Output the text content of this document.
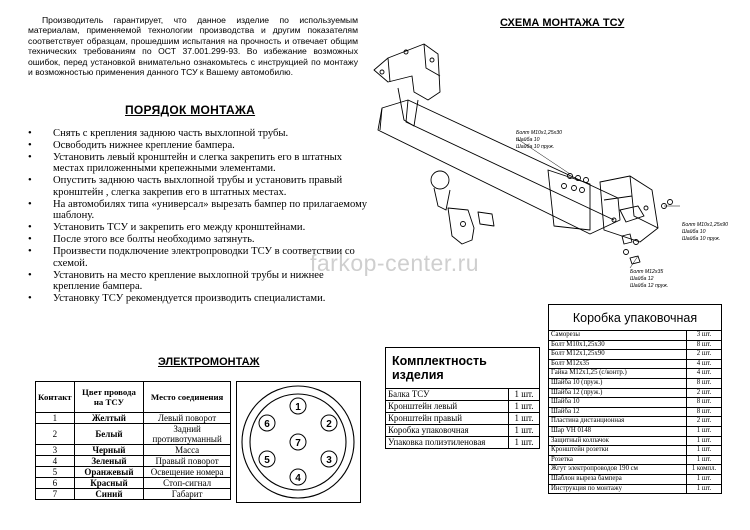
Производитель гарантирует, что данное изделие по используемым материалам, применяемой технологии производства и другим показателям соответствует образцам, прошедшим испытания на прочность и отвечает общим технических требованиям по ОСТ 37.001.299-93. Во избежание возможных ошибок, перед установкой внимательно ознакомьтесь с инструкцией по монтажу и возможностью применения данного ТСУ к Вашему автомобилю.
ПОРЯДОК МОНТАЖА
• Снять с крепления заднюю часть выхлопной трубы.
• Освободить нижнее крепление бампера.
• Установить левый кронштейн и слегка закрепить его в штатных местах приложенными крепежными элементами.
• Опустить заднюю часть выхлопной трубы и установить правый кронштейн , слегка закрепив его в штатных местах.
• На автомобилях типа «универсал» вырезать бампер по прилагаемому шаблону.
• Установить ТСУ и закрепить его между кронштейнами.
• После этого все болты необходимо затянуть.
• Произвести подключение электропроводки ТСУ в соответствии со схемой.
• Установить на место крепление выхлопной трубы и нижнее крепление бампера.
• Установку ТСУ рекомендуется производить специалистами.
СХЕМА МОНТАЖА ТСУ
Болт М10х1,25х30
Шайба 10
Шайба 10 пруж.
Болт М10х1,25х90
Шайба 10
Шайба 10 пруж.
Болт М12х35
Шайба 12
Шайба 12 пруж.
farkop-center.ru
ЭЛЕКТРОМОНТАЖ
Контакт	Цвет провода на ТСУ	Место соединения
1	Желтый	Левый поворот
2	Белый	Задний противотуманный
3	Черный	Масса
4	Зеленый	Правый поворот
5	Оранжевый	Освещение номера
6	Красный	Стоп-сигнал
7	Синий	Габарит
1
2
3
4
5
6
7
Комплектность изделия
Балка ТСУ	1 шт.
Кронштейн левый	1 шт.
Кронштейн правый	1 шт.
Коробка упаковочная	1 шт.
Упаковка полиэтиленовая	1 шт.
Коробка упаковочная
Саморезы	3 шт.
Болт М10х1,25х30	8 шт.
Болт М12х1,25х90	2 шт.
Болт М12х35	4 шт.
Гайка М12х1,25 (с/контр.)	4 шт.
Шайба 10 (пруж.)	8 шт.
Шайба 12 (пруж.)	2 шт.
Шайба 10	8 шт.
Шайба 12	8 шт.
Пластина дистанционная	2 шт.
Шар VH 0148	1 шт.
Защитный колпачок	1 шт.
Кронштейн розетки	1 шт.
Розетка	1 шт.
Жгут электропроводов 190 см	1 компл.
Шаблон выреза бампера	1 шт.
Инструкция по монтажу	1 шт.
